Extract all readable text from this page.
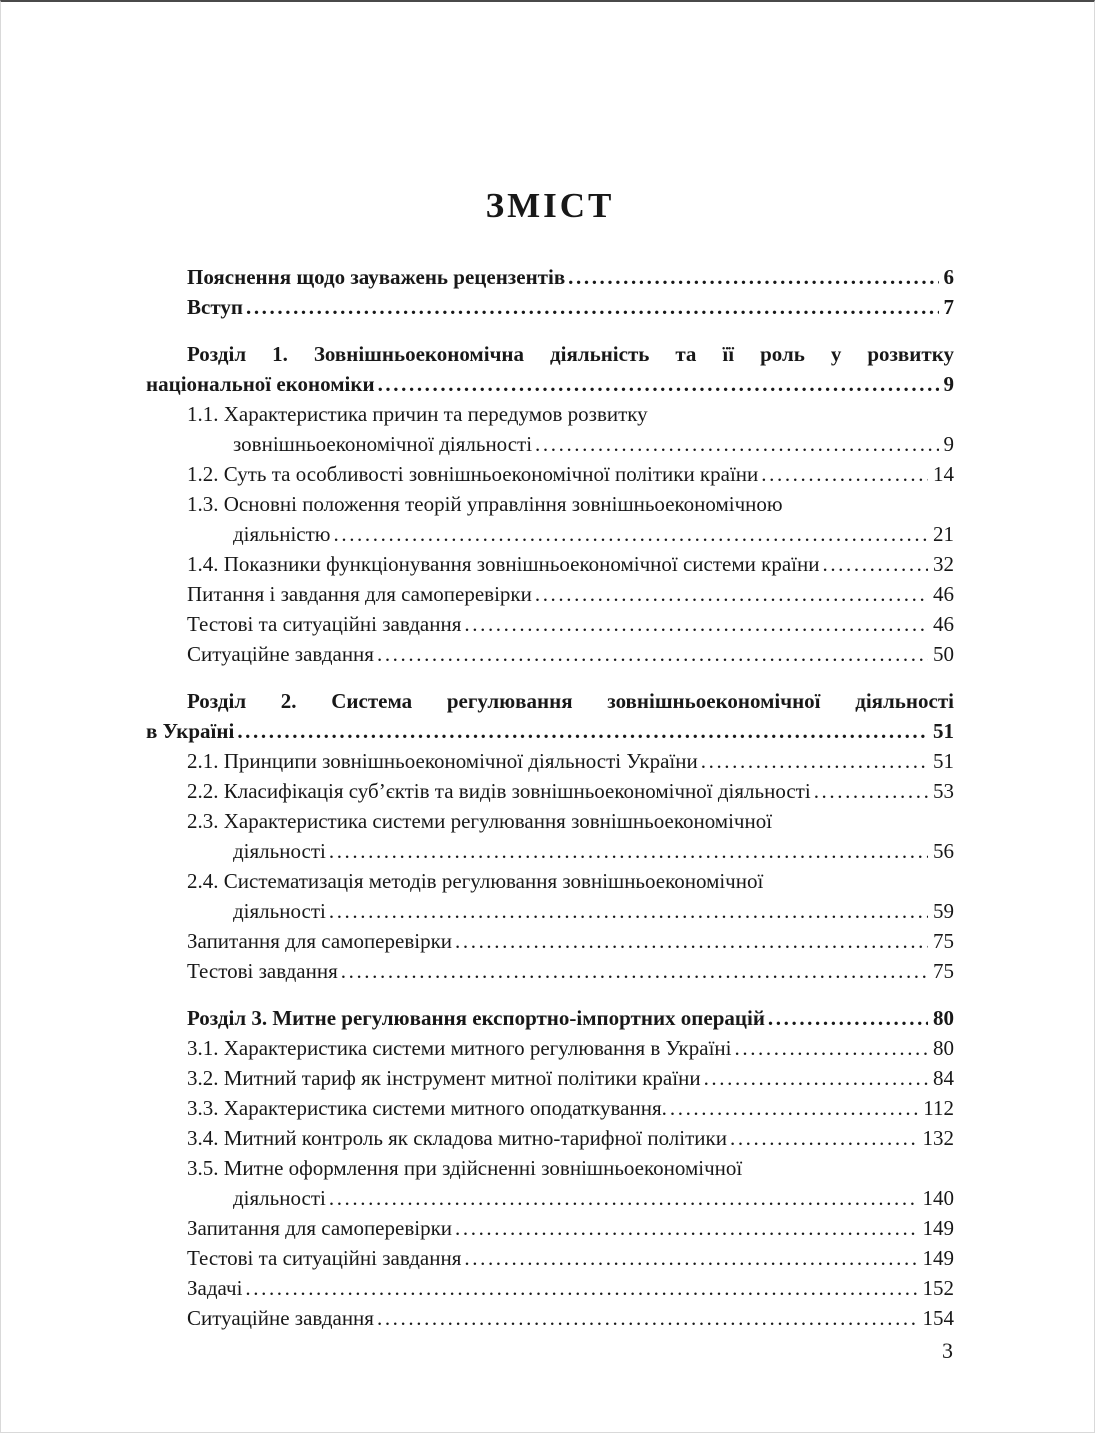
ЗМІСТ
Пояснення щодо зауважень рецензентів .....	6
Вступ .....	7
Розділ 1. Зовнішньоекономічна діяльність та її роль у розвитку
національної економіки .....	9
1.1. Характеристика причин та передумов розвитку
зовнішньоекономічної діяльності .....	9
1.2. Суть та особливості зовнішньоекономічної політики країни .....	14
1.3. Основні положення теорій управління зовнішньоекономічною
діяльністю .....	21
1.4. Показники функціонування зовнішньоекономічної системи країни .....	32
Питання і завдання для самоперевірки .....	46
Тестові та ситуаційні завдання .....	46
Ситуаційне завдання .....	50
Розділ 2. Система регулювання зовнішньоекономічної діяльності
в Україні .....	51
2.1. Принципи зовнішньоекономічної діяльності України .....	51
2.2. Класифікація суб’єктів та видів зовнішньоекономічної діяльності .....	53
2.3. Характеристика системи регулювання зовнішньоекономічної
діяльності .....	56
2.4. Систематизація методів регулювання зовнішньоекономічної
діяльності .....	59
Запитання для самоперевірки .....	75
Тестові завдання .....	75
Розділ 3. Митне регулювання експортно-імпортних операцій .....	80
3.1. Характеристика системи митного регулювання в Україні .....	80
3.2. Митний тариф як інструмент митної політики країни .....	84
3.3. Характеристика системи митного оподаткування. .....	112
3.4. Митний контроль як складова митно-тарифної політики .....	132
3.5. Митне оформлення при здійсненні зовнішньоекономічної
діяльності .....	140
Запитання для самоперевірки .....	149
Тестові та ситуаційні завдання .....	149
Задачі .....	152
Ситуаційне завдання .....	154
3
